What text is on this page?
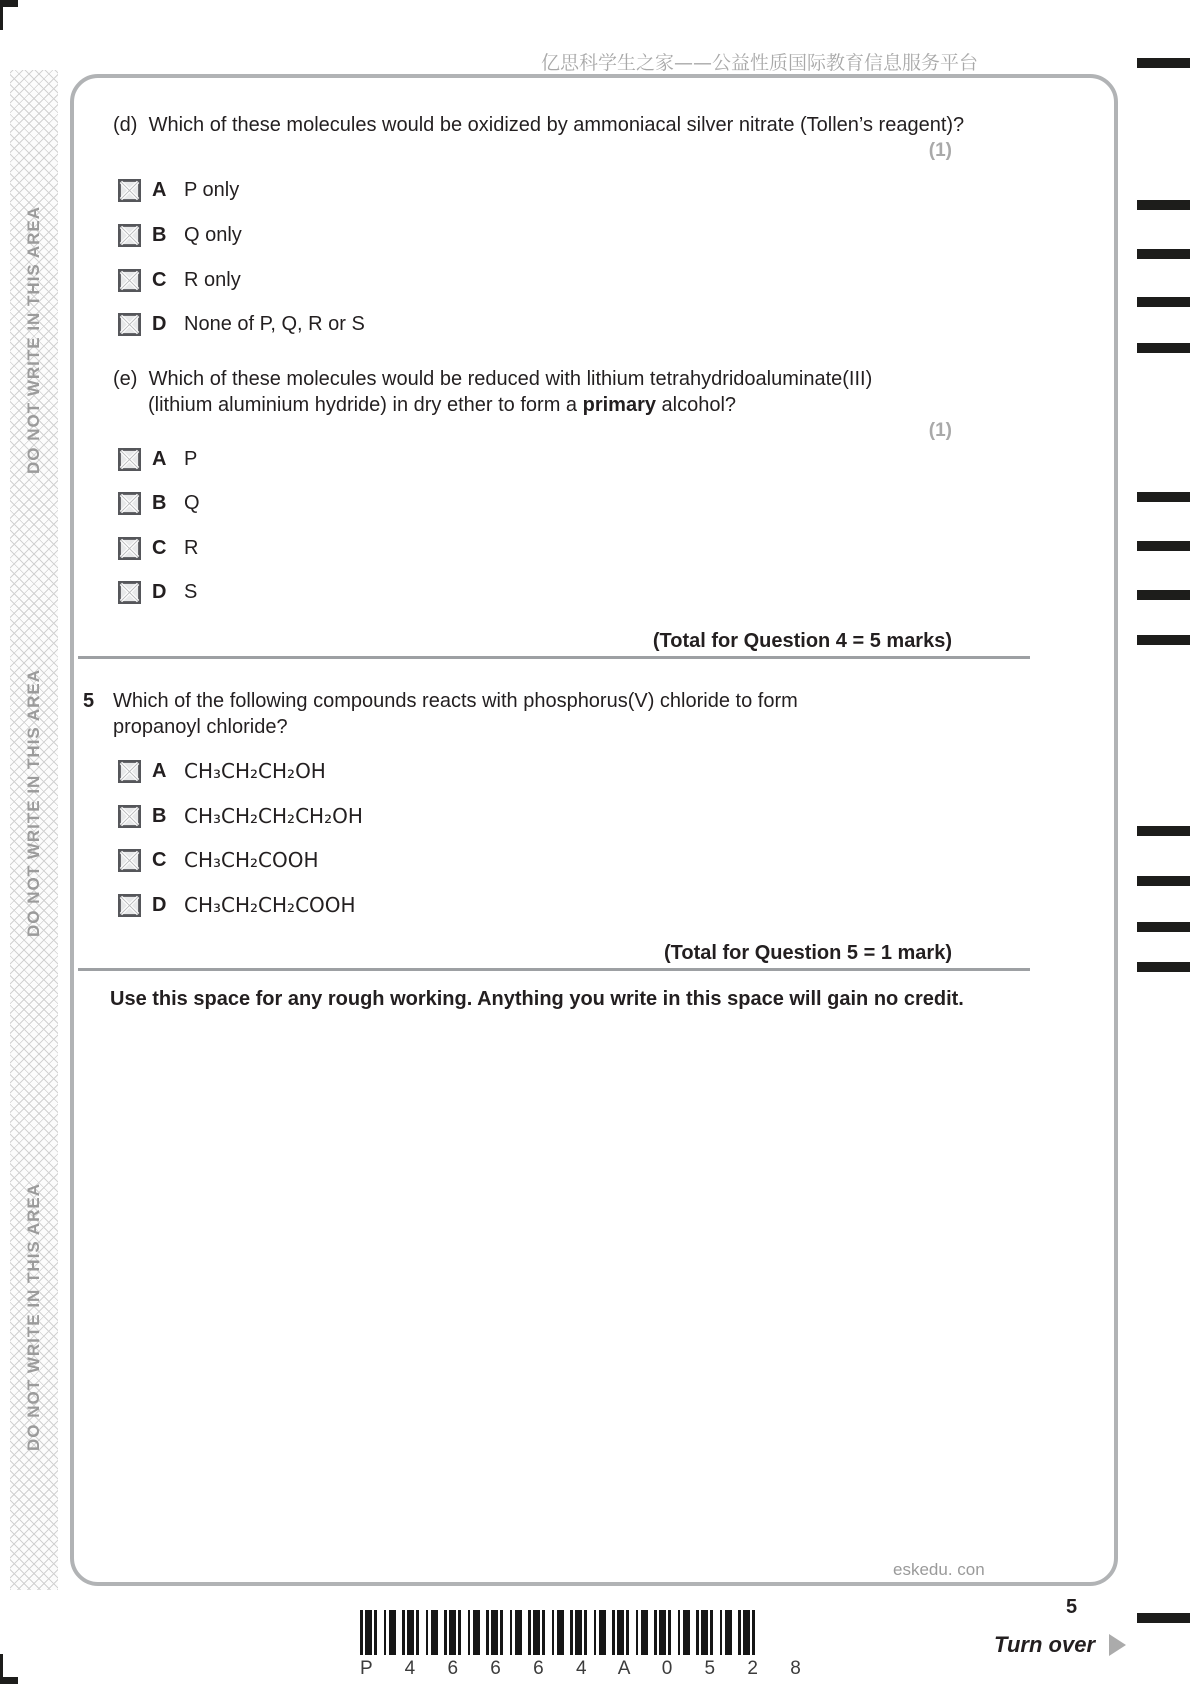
亿思科学生之家——公益性质国际教育信息服务平台
DO NOT WRITE IN THIS AREA
DO NOT WRITE IN THIS AREA
DO NOT WRITE IN THIS AREA
(d) Which of these molecules would be oxidized by ammoniacal silver nitrate (Tollen’s reagent)?
(1)
A P only
B Q only
C R only
D None of P, Q, R or S
(e) Which of these molecules would be reduced with lithium tetrahydridoaluminate(III)
(lithium aluminium hydride) in dry ether to form a primary alcohol?
(1)
A P
B Q
C R
D S
(Total for Question 4 = 5 marks)
5 Which of the following compounds reacts with phosphorus(V) chloride to form
propanoyl chloride?
A CH₃CH₂CH₂OH
B CH₃CH₂CH₂CH₂OH
C CH₃CH₂COOH
D CH₃CH₂CH₂COOH
(Total for Question 5 = 1 mark)
Use this space for any rough working. Anything you write in this space will gain no credit.
eskedu. con
5
P 4 6 6 6 4 A 0 5 2 8
Turn over
